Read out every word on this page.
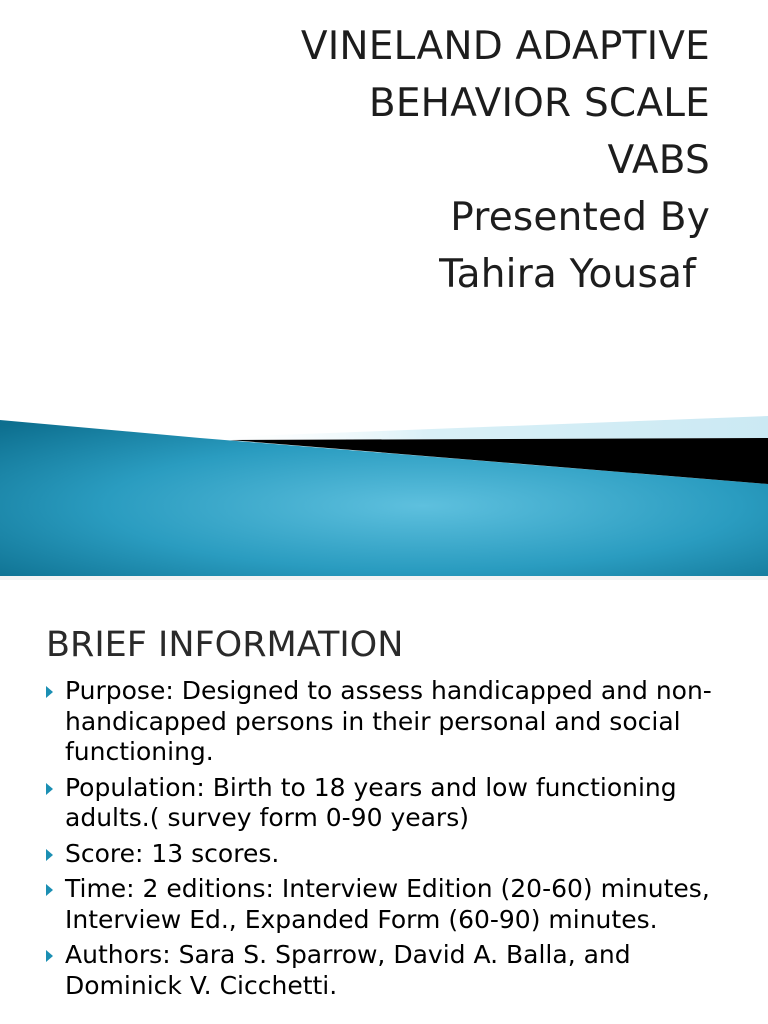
VINELAND ADAPTIVE
BEHAVIOR SCALE
VABS
Presented By
Tahira Yousaf
BRIEF INFORMATION
Purpose: Designed to assess handicapped and non-handicapped persons in their personal and social functioning.
Population: Birth to 18 years and low functioning adults.( survey form 0-90 years)
Score: 13 scores.
Time: 2 editions: Interview Edition (20-60) minutes, Interview Ed., Expanded Form (60-90) minutes.
Authors: Sara S. Sparrow, David A. Balla, and Dominick V. Cicchetti.
